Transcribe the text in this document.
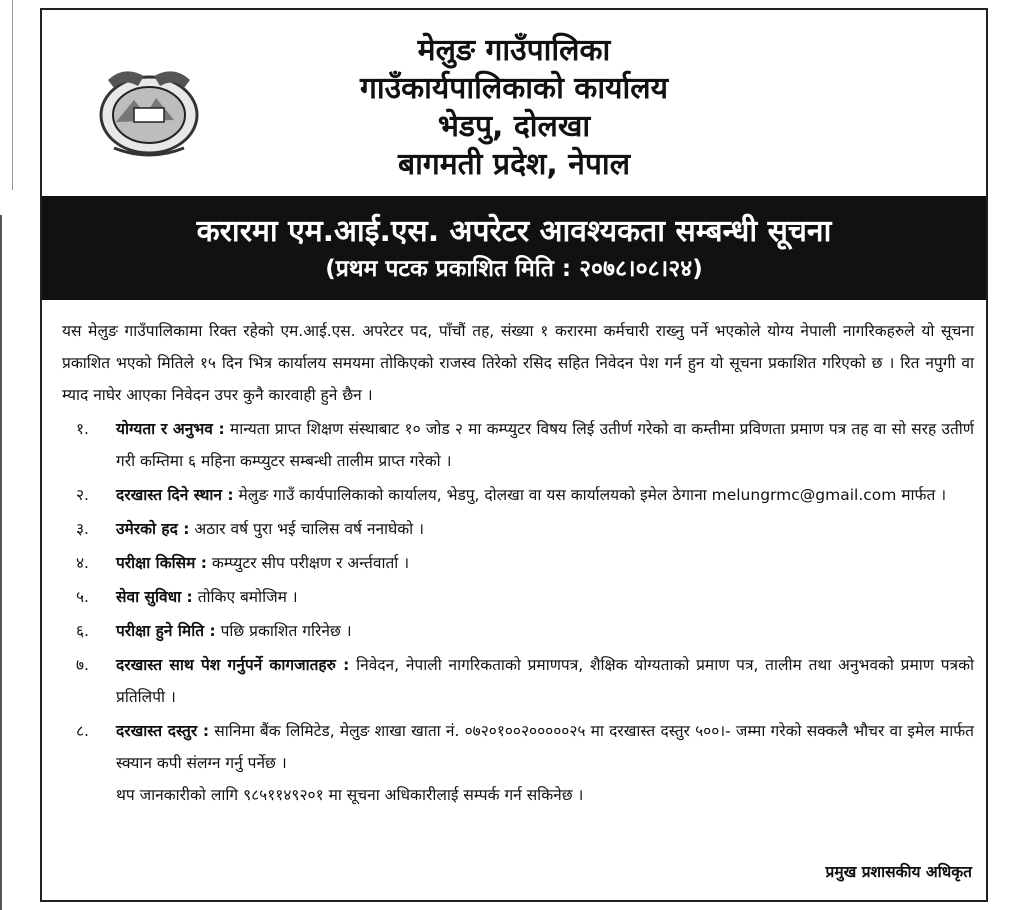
मेलुङ गाउँपालिका
गाउँकार्यपालिकाको कार्यालय
भेडपु, दोलखा
बागमती प्रदेश, नेपाल
करारमा एम.आई.एस. अपरेटर आवश्यकता सम्बन्धी सूचना
(प्रथम पटक प्रकाशित मिति : २०७८।०८।२४)
यस मेलुङ गाउँपालिकामा रिक्त रहेको एम.आई.एस. अपरेटर पद, पाँचौं तह, संख्या १ करारमा कर्मचारी राख्नु पर्ने भएकोले योग्य नेपाली नागरिकहरुले यो सूचना प्रकाशित भएको मितिले १५ दिन भित्र कार्यालय समयमा तोकिएको राजस्व तिरेको रसिद सहित निवेदन पेश गर्न हुन यो सूचना प्रकाशित गरिएको छ । रित नपुगी वा म्याद नाघेर आएका निवेदन उपर कुनै कारवाही हुने छैन ।
१.	योग्यता र अनुभव : मान्यता प्राप्त शिक्षण संस्थाबाट १० जोड २ मा कम्प्युटर विषय लिई उतीर्ण गरेको वा कम्तीमा प्रविणता प्रमाण पत्र तह वा सो सरह उतीर्ण गरी कम्तिमा ६ महिना कम्प्युटर सम्बन्धी तालीम प्राप्त गरेको ।
२.	दरखास्त दिने स्थान : मेलुङ गाउँ कार्यपालिकाको कार्यालय, भेडपु, दोलखा वा यस कार्यालयको इमेल ठेगाना melungrmc@gmail.com मार्फत ।
३.	उमेरको हद : अठार वर्ष पुरा भई चालिस वर्ष ननाघेको ।
४.	परीक्षा किसिम : कम्प्युटर सीप परीक्षण र अर्न्तवार्ता ।
५.	सेवा सुविधा : तोकिए बमोजिम ।
६.	परीक्षा हुने मिति : पछि प्रकाशित गरिनेछ ।
७.	दरखास्त साथ पेश गर्नुपर्ने कागजातहरु : निवेदन, नेपाली नागरिकताको प्रमाणपत्र, शैक्षिक योग्यताको प्रमाण पत्र, तालीम तथा अनुभवको प्रमाण पत्रको प्रतिलिपी ।
८.	दरखास्त दस्तुर : सानिमा बैंक लिमिटेड, मेलुङ शाखा खाता नं. ०७२०१००२०००००२५ मा दरखास्त दस्तुर ५००।- जम्मा गरेको सक्कलै भौचर वा इमेल मार्फत स्क्यान कपी संलग्न गर्नु पर्नेछ ।
थप जानकारीको लागि ९८५११४९२०१ मा सूचना अधिकारीलाई सम्पर्क गर्न सकिनेछ ।
प्रमुख प्रशासकीय अधिकृत
